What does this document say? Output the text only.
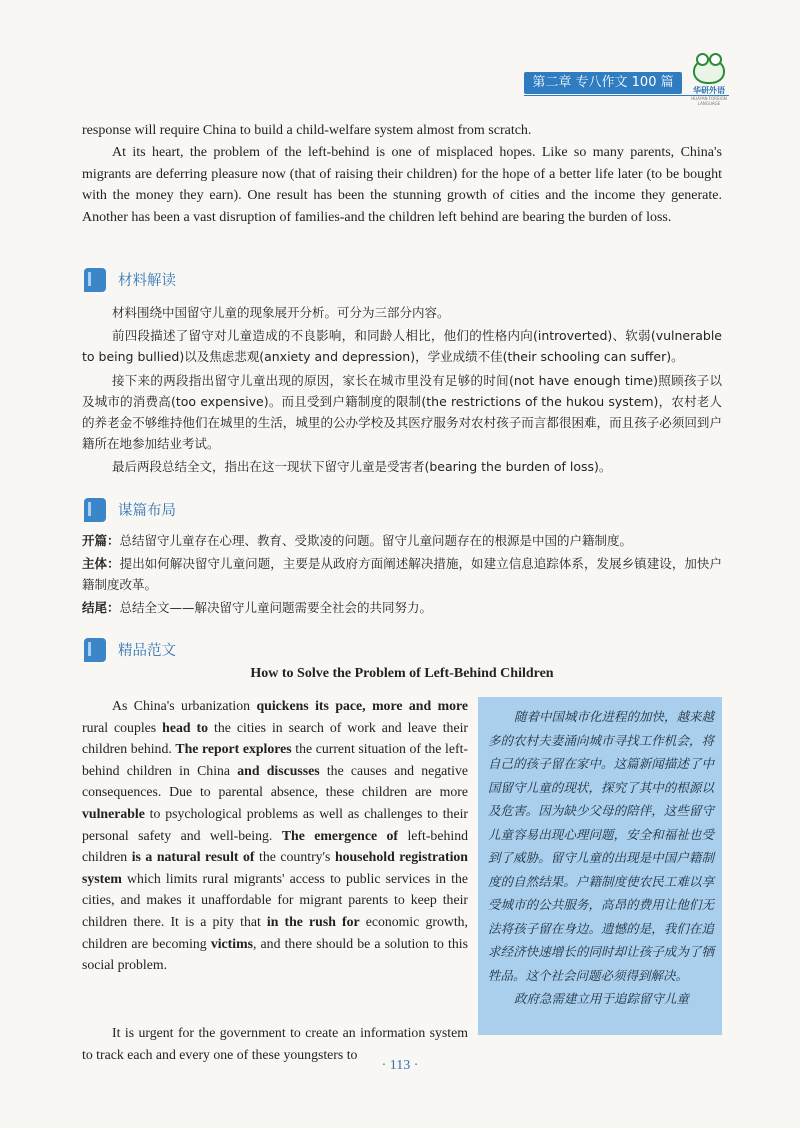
第二章 专八作文 100 篇
华研外语
HUAYAN FOREIGN LANGUAGE

response will require China to build a child-welfare system almost from scratch.

At its heart, the problem of the left-behind is one of misplaced hopes. Like so many parents, China's migrants are deferring pleasure now (that of raising their children) for the hope of a better life later (to be bought with the money they earn). One result has been the stunning growth of cities and the income they generate. Another has been a vast disruption of families-and the children left behind are bearing the burden of loss.

材料解读

材料围绕中国留守儿童的现象展开分析。可分为三部分内容。

前四段描述了留守对儿童造成的不良影响，和同龄人相比，他们的性格内向(introverted)、软弱(vulnerable to being bullied)以及焦虑悲观(anxiety and depression)，学业成绩不佳(their schooling can suffer)。

接下来的两段指出留守儿童出现的原因，家长在城市里没有足够的时间(not have enough time)照顾孩子以及城市的消费高(too expensive)。而且受到户籍制度的限制(the restrictions of the hukou system)，农村老人的养老金不够维持他们在城里的生活，城里的公办学校及其医疗服务对农村孩子而言都很困难，而且孩子必须回到户籍所在地参加结业考试。

最后两段总结全文，指出在这一现状下留守儿童是受害者(bearing the burden of loss)。

谋篇布局

开篇：总结留守儿童存在心理、教育、受欺凌的问题。留守儿童问题存在的根源是中国的户籍制度。

主体：提出如何解决留守儿童问题，主要是从政府方面阐述解决措施，如建立信息追踪体系，发展乡镇建设，加快户籍制度改革。

结尾：总结全文——解决留守儿童问题需要全社会的共同努力。

精品范文
How to Solve the Problem of Left-Behind Children

As China's urbanization quickens its pace, more and more rural couples head to the cities in search of work and leave their children behind. The report explores the current situation of the left-behind children in China and discusses the causes and negative consequences. Due to parental absence, these children are more vulnerable to psychological problems as well as challenges to their personal safety and well-being. The emergence of left-behind children is a natural result of the country's household registration system which limits rural migrants' access to public services in the cities, and makes it unaffordable for migrant parents to keep their children there. It is a pity that in the rush for economic growth, children are becoming victims, and there should be a solution to this social problem.

It is urgent for the government to create an information system to track each and every one of these youngsters to

随着中国城市化进程的加快，越来越多的农村夫妻涌向城市寻找工作机会，将自己的孩子留在家中。这篇新闻描述了中国留守儿童的现状，探究了其中的根源以及危害。因为缺少父母的陪伴，这些留守儿童容易出现心理问题，安全和福祉也受到了威胁。留守儿童的出现是中国户籍制度的自然结果。户籍制度使农民工难以享受城市的公共服务，高昂的费用让他们无法将孩子留在身边。遗憾的是，我们在追求经济快速增长的同时却让孩子成为了牺牲品。这个社会问题必须得到解决。

政府急需建立用于追踪留守儿童

· 113 ·
